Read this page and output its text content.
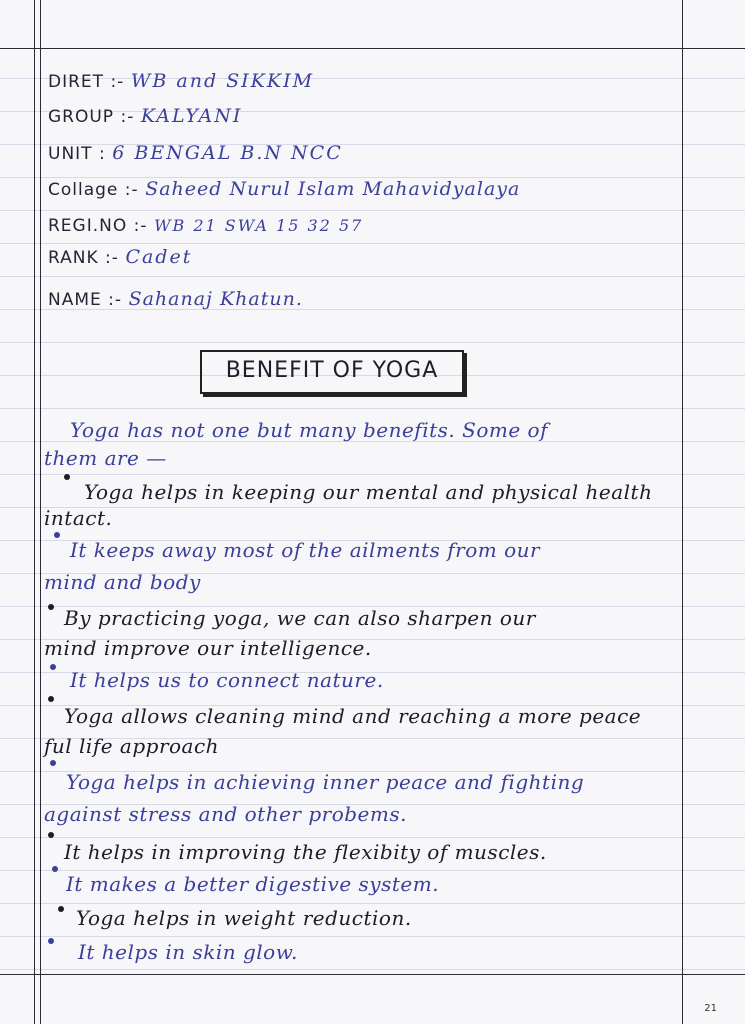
DIRET :- WB and SIKKIM
GROUP :- KALYANI
UNIT : 6 BENGAL B.N NCC
Collage :- Saheed Nurul Islam Mahavidyalaya
REGI.NO :- WB 21 SWA 15 32 57
RANK :- Cadet
NAME :- Sahanaj Khatun.
BENEFIT OF YOGA
Yoga has not one but many benefits. Some of
them are —
Yoga helps in keeping our mental and physical health
intact.
It keeps away most of the ailments from our
mind and body
By practicing yoga, we can also sharpen our
mind improve our intelligence.
It helps us to connect nature.
Yoga allows cleaning mind and reaching a more peace
ful life approach
Yoga helps in achieving inner peace and fighting
against stress and other probems.
It helps in improving the flexibity of muscles.
It makes a better digestive system.
Yoga helps in weight reduction.
It helps in skin glow.
21
